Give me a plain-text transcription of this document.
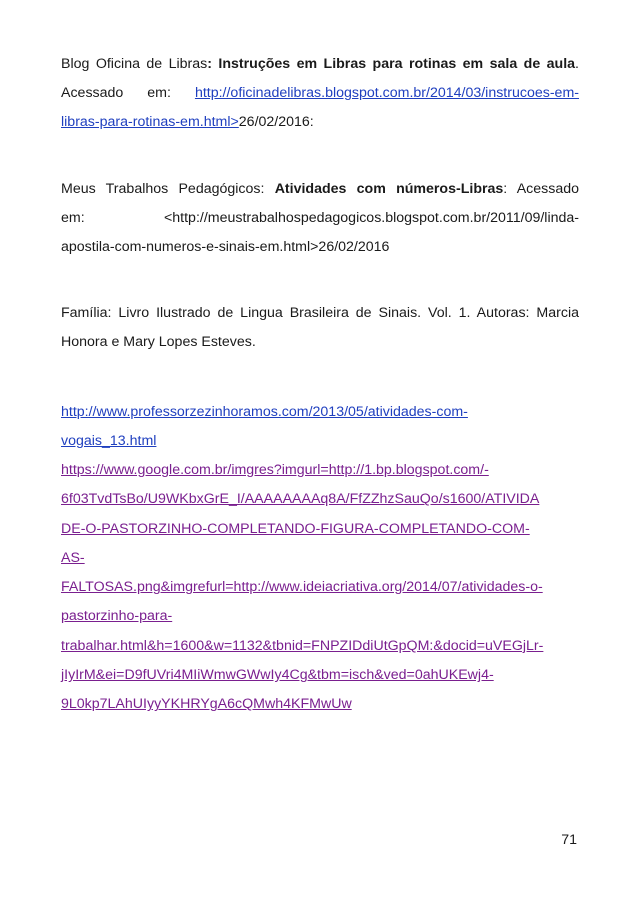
Blog Oficina de Libras: Instruções em Libras para rotinas em sala de aula.
Acessado em: http://oficinadelibras.blogspot.com.br/2014/03/instrucoes-em-
libras-para-rotinas-em.html>26/02/2016:
Meus Trabalhos Pedagógicos: Atividades com números-Libras: Acessado
em:	<http://meustrabalhospedagogicos.blogspot.com.br/2011/09/linda-
apostila-com-numeros-e-sinais-em.html>26/02/2016
Família: Livro Ilustrado de Lingua Brasileira de Sinais. Vol. 1. Autoras: Marcia
Honora e Mary Lopes Esteves.
http://www.professorzezinhoramos.com/2013/05/atividades-com-
vogais_13.html
https://www.google.com.br/imgres?imgurl=http://1.bp.blogspot.com/-
6f03TvdTsBo/U9WKbxGrE_I/AAAAAAAAq8A/FfZZhzSauQo/s1600/ATIVIDA
DE-O-PASTORZINHO-COMPLETANDO-FIGURA-COMPLETANDO-COM-
AS-
FALTOSAS.png&imgrefurl=http://www.ideiacriativa.org/2014/07/atividades-o-
pastorzinho-para-
trabalhar.html&h=1600&w=1132&tbnid=FNPZIDdiUtGpQM:&docid=uVEGjLr-
jIyIrM&ei=D9fUVri4MIiWmwGWwIy4Cg&tbm=isch&ved=0ahUKEwj4-
9L0kp7LAhUIyyYKHRYgA6cQMwh4KFMwUw
71
